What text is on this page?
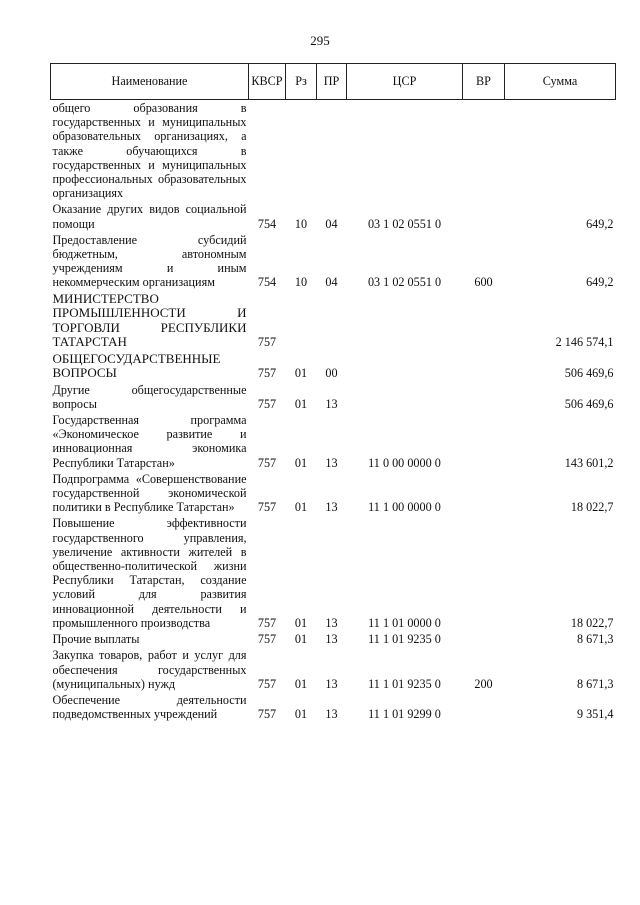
295
Наименование	КВСР	Рз	ПР	ЦСР	ВР	Сумма
общего образования в государственных и муниципальных образовательных организациях, а также обучающихся в государственных и муниципальных профессиональных образовательных организациях						
Оказание других видов социальной помощи	754	10	04	03 1 02 0551 0		649,2
Предоставление субсидий бюджетным, автономным учреждениям и иным некоммерческим организациям	754	10	04	03 1 02 0551 0	600	649,2
МИНИСТЕРСТВО ПРОМЫШЛЕННОСТИ И ТОРГОВЛИ РЕСПУБЛИКИ ТАТАРСТАН	757					2 146 574,1
ОБЩЕГОСУДАРСТВЕННЫЕ ВОПРОСЫ	757	01	00			506 469,6
Другие общегосударственные вопросы	757	01	13			506 469,6
Государственная программа «Экономическое развитие и инновационная экономика Республики Татарстан»	757	01	13	11 0 00 0000 0		143 601,2
Подпрограмма «Совершенствование государственной экономической политики в Республике Татарстан»	757	01	13	11 1 00 0000 0		18 022,7
Повышение эффективности государственного управления, увеличение активности жителей в общественно-политической жизни Республики Татарстан, создание условий для развития инновационной деятельности и промышленного производства	757	01	13	11 1 01 0000 0		18 022,7
Прочие выплаты	757	01	13	11 1 01 9235 0		8 671,3
Закупка товаров, работ и услуг для обеспечения государственных (муниципальных) нужд	757	01	13	11 1 01 9235 0	200	8 671,3
Обеспечение деятельности подведомственных учреждений	757	01	13	11 1 01 9299 0		9 351,4
